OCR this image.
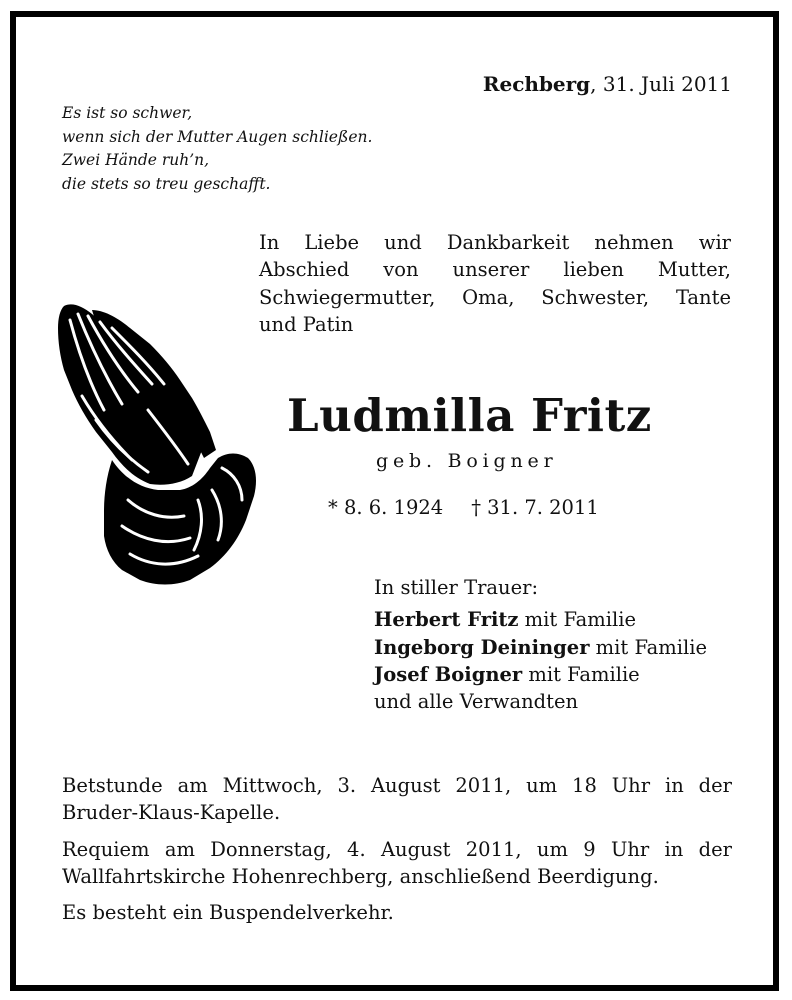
Rechberg, 31. Juli 2011
Es ist so schwer,
wenn sich der Mutter Augen schließen.
Zwei Hände ruh’n,
die stets so treu geschafft.
In Liebe und Dankbarkeit nehmen wir
Abschied von unserer lieben Mutter,
Schwiegermutter, Oma, Schwester, Tante
und Patin
Ludmilla Fritz
geb. Boigner
* 8. 6. 1924 † 31. 7. 2011
In stiller Trauer:
Herbert Fritz mit Familie
Ingeborg Deininger mit Familie
Josef Boigner mit Familie
und alle Verwandten

Betstunde am Mittwoch, 3. August 2011, um 18 Uhr in der
Bruder-Klaus-Kapelle.

Requiem am Donnerstag, 4. August 2011, um 9 Uhr in der
Wallfahrtskirche Hohenrechberg, anschließend Beerdigung.

Es besteht ein Buspendelverkehr.
